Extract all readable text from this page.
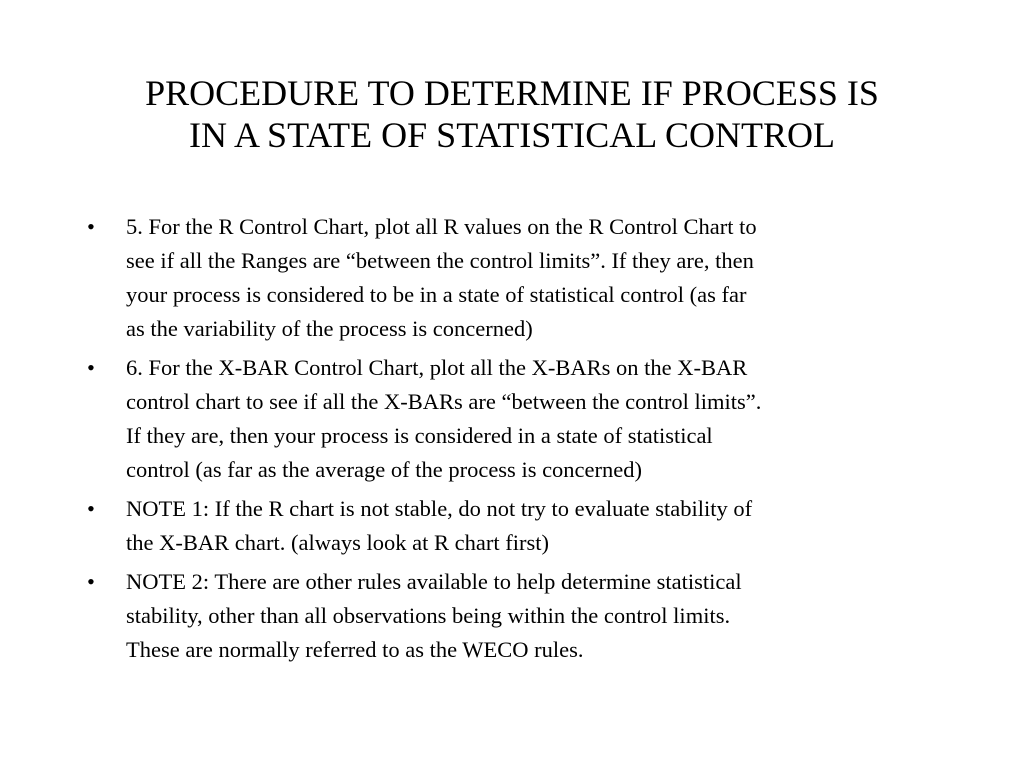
PROCEDURE TO DETERMINE IF PROCESS IS
IN A STATE OF STATISTICAL CONTROL
• 5. For the R Control Chart, plot all R values on the R Control Chart to
see if all the Ranges are “between the control limits”. If they are, then
your process is considered to be in a state of statistical control (as far
as the variability of the process is concerned)
• 6. For the X-BAR Control Chart, plot all the X-BARs on the X-BAR
control chart to see if all the X-BARs are “between the control limits”.
If they are, then your process is considered in a state of statistical
control (as far as the average of the process is concerned)
• NOTE 1: If the R chart is not stable, do not try to evaluate stability of
the X-BAR chart. (always look at R chart first)
• NOTE 2: There are other rules available to help determine statistical
stability, other than all observations being within the control limits.
These are normally referred to as the WECO rules.
